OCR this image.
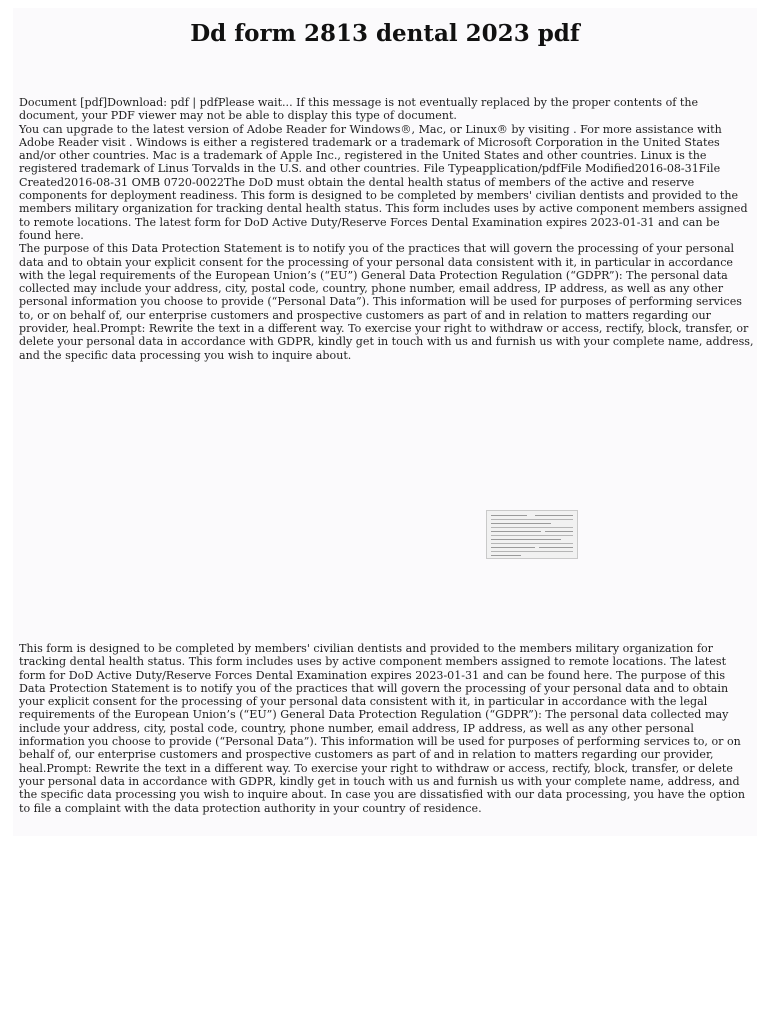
Dd form 2813 dental 2023 pdf

Document [pdf]Download: pdf | pdfPlease wait... If this message is not eventually replaced by the proper contents of the document, your PDF viewer may not be able to display this type of document.

You can upgrade to the latest version of Adobe Reader for Windows®, Mac, or Linux® by visiting . For more assistance with Adobe Reader visit . Windows is either a registered trademark or a trademark of Microsoft Corporation in the United States and/or other countries. Mac is a trademark of Apple Inc., registered in the United States and other countries. Linux is the registered trademark of Linus Torvalds in the U.S. and other countries. File Typeapplication/pdfFile Modified2016-08-31File Created2016-08-31 OMB 0720-0022The DoD must obtain the dental health status of members of the active and reserve components for deployment readiness. This form is designed to be completed by members' civilian dentists and provided to the members military organization for tracking dental health status. This form includes uses by active component members assigned to remote locations. The latest form for DoD Active Duty/Reserve Forces Dental Examination expires 2023-01-31 and can be found here.

The purpose of this Data Protection Statement is to notify you of the practices that will govern the processing of your personal data and to obtain your explicit consent for the processing of your personal data consistent with it, in particular in accordance with the legal requirements of the European Union’s (“EU”) General Data Protection Regulation (“GDPR”): The personal data collected may include your address, city, postal code, country, phone number, email address, IP address, as well as any other personal information you choose to provide (“Personal Data”). This information will be used for purposes of performing services to, or on behalf of, our enterprise customers and prospective customers as part of and in relation to matters regarding our provider, heal.Prompt: Rewrite the text in a different way. To exercise your right to withdraw or access, rectify, block, transfer, or delete your personal data in accordance with GDPR, kindly get in touch with us and furnish us with your complete name, address, and the specific data processing you wish to inquire about.

This form is designed to be completed by members' civilian dentists and provided to the members military organization for tracking dental health status. This form includes uses by active component members assigned to remote locations. The latest form for DoD Active Duty/Reserve Forces Dental Examination expires 2023-01-31 and can be found here. The purpose of this Data Protection Statement is to notify you of the practices that will govern the processing of your personal data and to obtain your explicit consent for the processing of your personal data consistent with it, in particular in accordance with the legal requirements of the European Union’s (“EU”) General Data Protection Regulation (“GDPR”): The personal data collected may include your address, city, postal code, country, phone number, email address, IP address, as well as any other personal information you choose to provide (“Personal Data”). This information will be used for purposes of performing services to, or on behalf of, our enterprise customers and prospective customers as part of and in relation to matters regarding our provider, heal.Prompt: Rewrite the text in a different way. To exercise your right to withdraw or access, rectify, block, transfer, or delete your personal data in accordance with GDPR, kindly get in touch with us and furnish us with your complete name, address, and the specific data processing you wish to inquire about. In case you are dissatisfied with our data processing, you have the option to file a complaint with the data protection authority in your country of residence.
